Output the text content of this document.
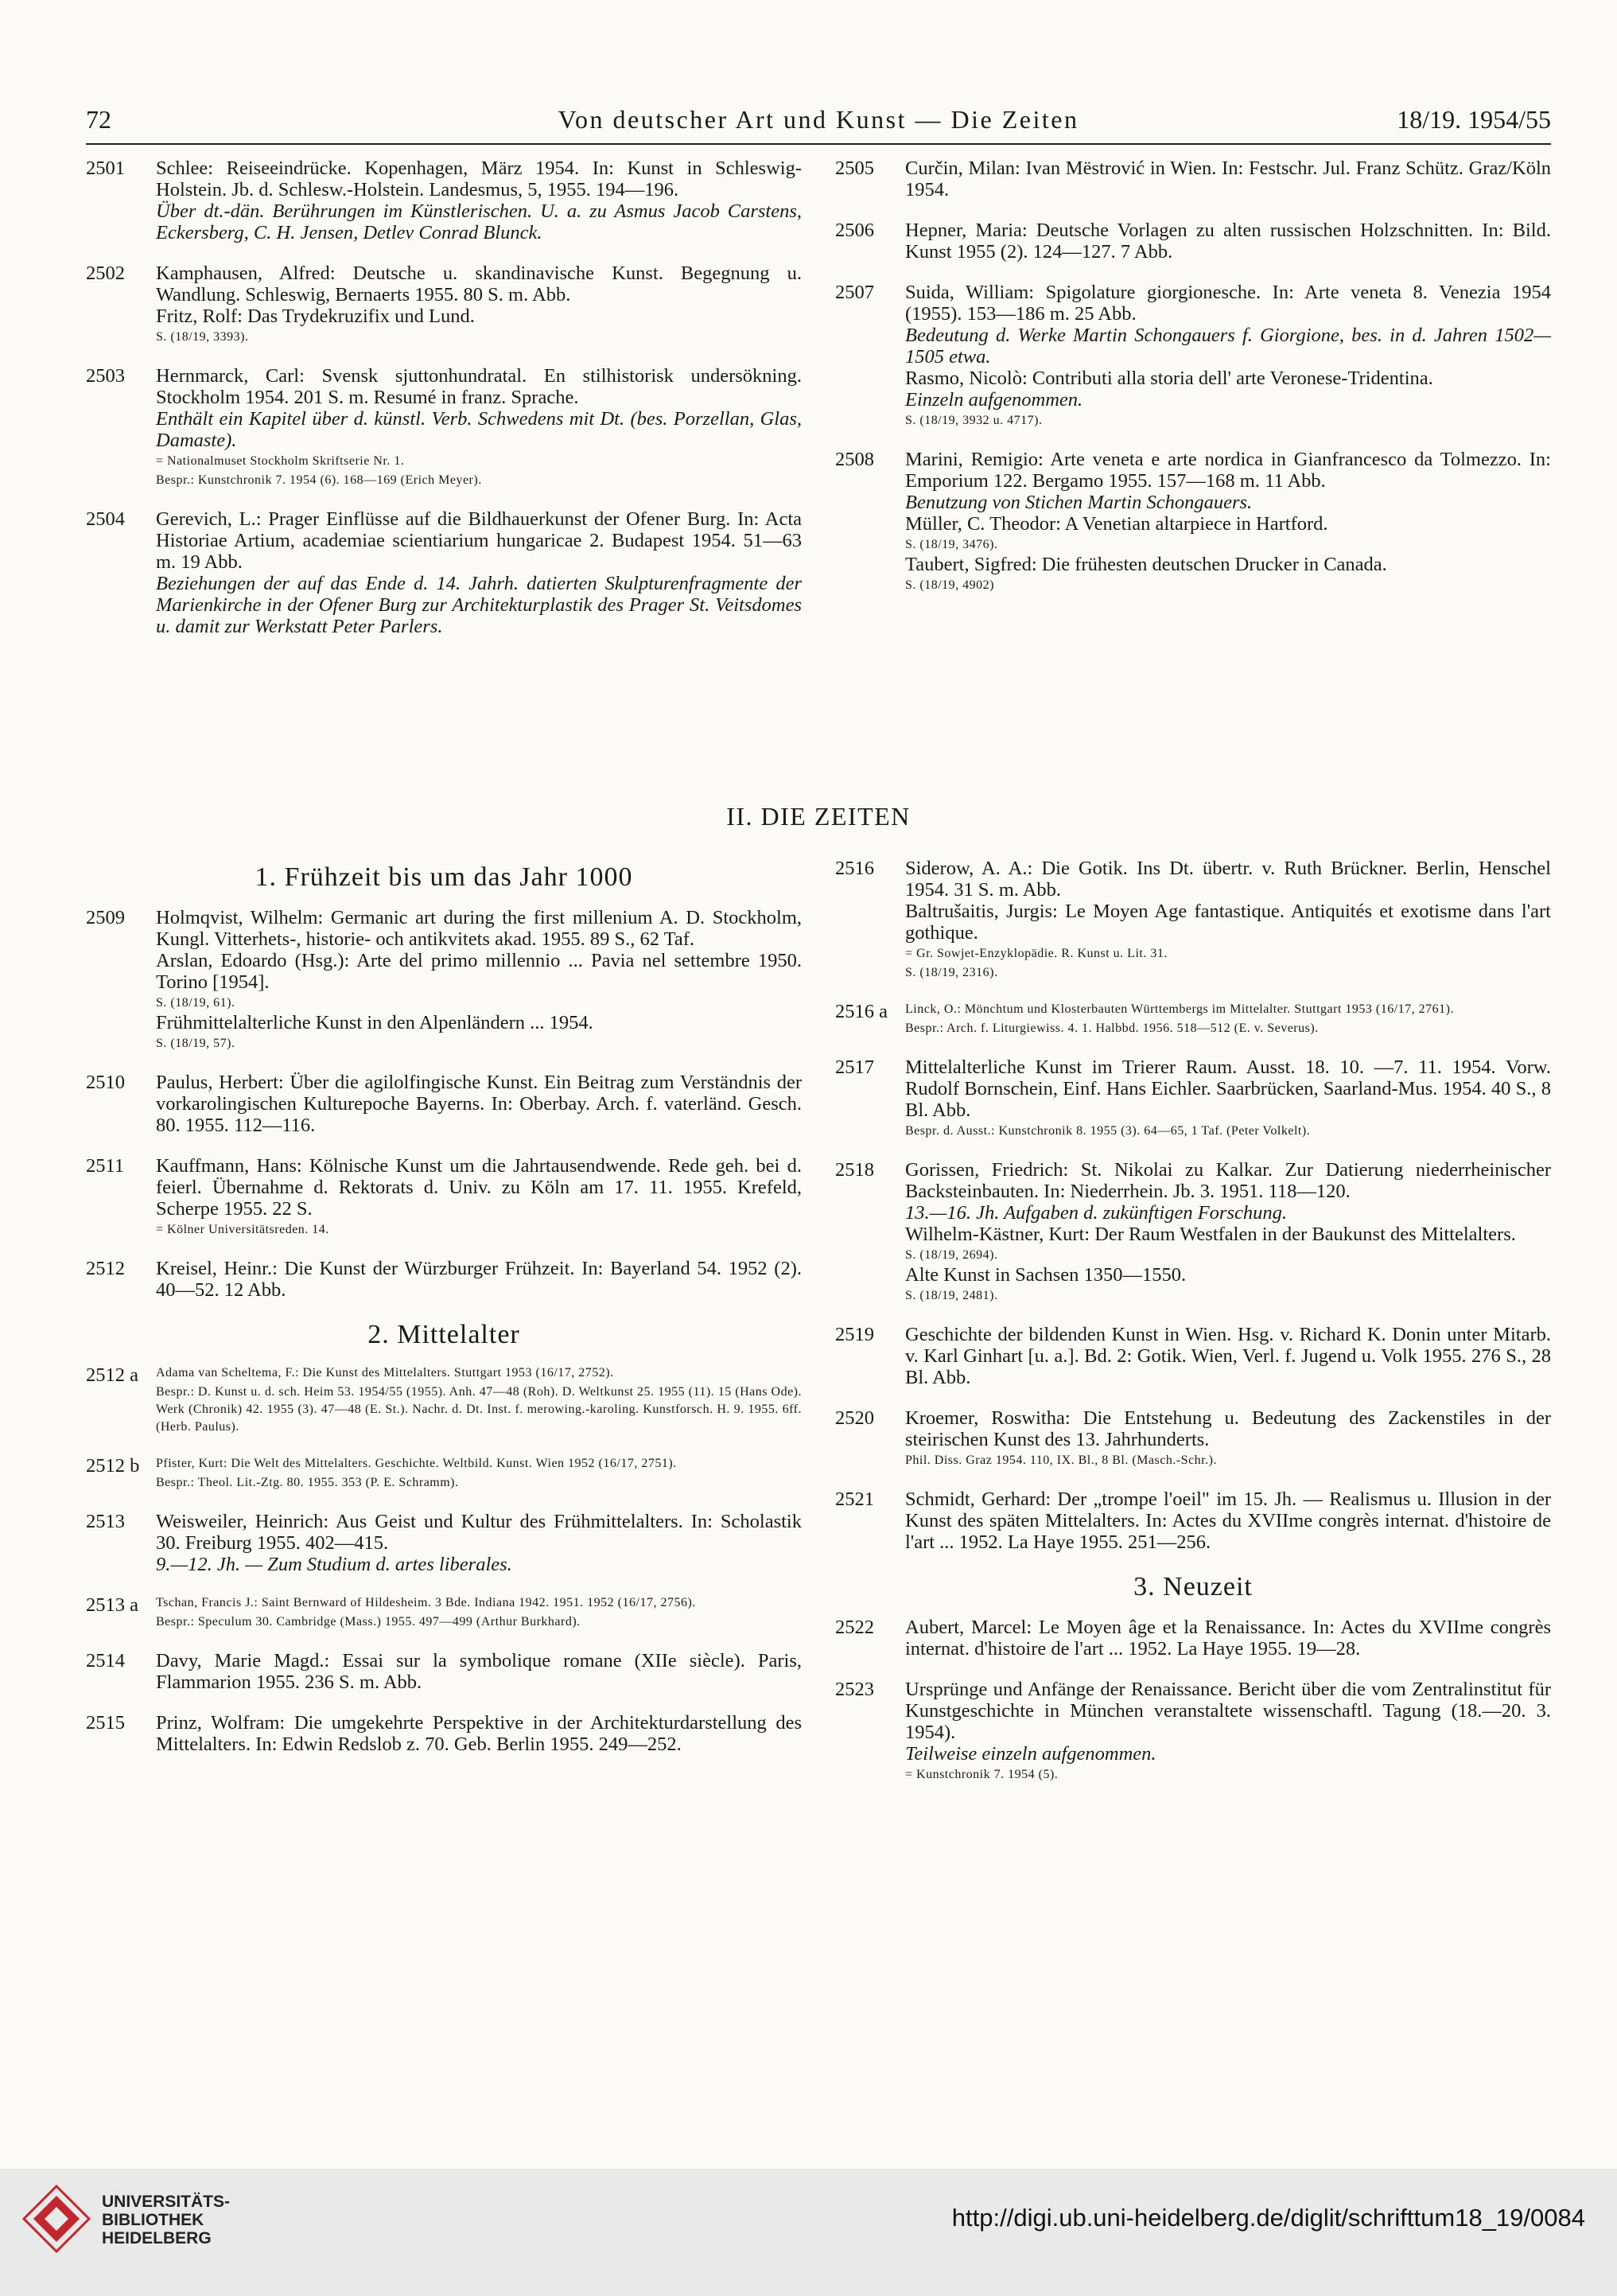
72	Von deutscher Art und Kunst — Die Zeiten	18/19. 1954/55
2501	Schlee: Reiseeindrücke. Kopenhagen, März 1954. In: Kunst in Schleswig-Holstein. Jb. d. Schlesw.-Holstein. Landesmus, 5, 1955. 194—196.
Über dt.-dän. Berührungen im Künstlerischen. U. a. zu Asmus Jacob Carstens, Eckersberg, C. H. Jensen, Detlev Conrad Blunck.
2502	Kamphausen, Alfred: Deutsche u. skandinavische Kunst. Begegnung u. Wandlung. Schleswig, Bernaerts 1955. 80 S. m. Abb.
Fritz, Rolf: Das Trydekruzifix und Lund.
S. (18/19, 3393).
2503	Hernmarck, Carl: Svensk sjuttonhundratal. En stilhistorisk undersökning. Stockholm 1954. 201 S. m. Resumé in franz. Sprache.
Enthält ein Kapitel über d. künstl. Verb. Schwedens mit Dt. (bes. Porzellan, Glas, Damaste).
= Nationalmuset Stockholm Skriftserie Nr. 1.
Bespr.: Kunstchronik 7. 1954 (6). 168—169 (Erich Meyer).
2504	Gerevich, L.: Prager Einflüsse auf die Bildhauerkunst der Ofener Burg. In: Acta Historiae Artium, academiae scientiarium hungaricae 2. Budapest 1954. 51—63 m. 19 Abb.
Beziehungen der auf das Ende d. 14. Jahrh. datierten Skulpturenfragmente der Marienkirche in der Ofener Burg zur Architekturplastik des Prager St. Veitsdomes u. damit zur Werkstatt Peter Parlers.
2505	Curčin, Milan: Ivan Mëstrović in Wien. In: Festschr. Jul. Franz Schütz. Graz/Köln 1954.
2506	Hepner, Maria: Deutsche Vorlagen zu alten russischen Holzschnitten. In: Bild. Kunst 1955 (2). 124—127. 7 Abb.
2507	Suida, William: Spigolature giorgionesche. In: Arte veneta 8. Venezia 1954 (1955). 153—186 m. 25 Abb.
Bedeutung d. Werke Martin Schongauers f. Giorgione, bes. in d. Jahren 1502—1505 etwa.
Rasmo, Nicolò: Contributi alla storia dell' arte Veronese-Tridentina.
Einzeln aufgenommen.
S. (18/19, 3932 u. 4717).
2508	Marini, Remigio: Arte veneta e arte nordica in Gianfrancesco da Tolmezzo. In: Emporium 122. Bergamo 1955. 157—168 m. 11 Abb.
Benutzung von Stichen Martin Schongauers.
Müller, C. Theodor: A Venetian altarpiece in Hartford.
S. (18/19, 3476).
Taubert, Sigfred: Die frühesten deutschen Drucker in Canada.
S. (18/19, 4902)
II. DIE ZEITEN
1. Frühzeit bis um das Jahr 1000
2509	Holmqvist, Wilhelm: Germanic art during the first millenium A. D. Stockholm, Kungl. Vitterhets-, historie- och antikvitets akad. 1955. 89 S., 62 Taf.
Arslan, Edoardo (Hsg.): Arte del primo millennio ... Pavia nel settembre 1950. Torino [1954].
S. (18/19, 61).
Frühmittelalterliche Kunst in den Alpenländern ... 1954.
S. (18/19, 57).
2510	Paulus, Herbert: Über die agilolfingische Kunst. Ein Beitrag zum Verständnis der vorkarolingischen Kulturepoche Bayerns. In: Oberbay. Arch. f. vaterländ. Gesch. 80. 1955. 112—116.
2511	Kauffmann, Hans: Kölnische Kunst um die Jahrtausendwende. Rede geh. bei d. feierl. Übernahme d. Rektorats d. Univ. zu Köln am 17. 11. 1955. Krefeld, Scherpe 1955. 22 S.
= Kölner Universitätsreden. 14.
2512	Kreisel, Heinr.: Die Kunst der Würzburger Frühzeit. In: Bayerland 54. 1952 (2). 40—52. 12 Abb.
2. Mittelalter
2512 a	Adama van Scheltema, F.: Die Kunst des Mittelalters. Stuttgart 1953 (16/17, 2752).
Bespr.: D. Kunst u. d. sch. Heim 53. 1954/55 (1955). Anh. 47—48 (Roh). D. Weltkunst 25. 1955 (11). 15 (Hans Ode). Werk (Chronik) 42. 1955 (3). 47—48 (E. St.). Nachr. d. Dt. Inst. f. merowing.-karoling. Kunstforsch. H. 9. 1955. 6ff. (Herb. Paulus).
2512 b	Pfister, Kurt: Die Welt des Mittelalters. Geschichte. Weltbild. Kunst. Wien 1952 (16/17, 2751).
Bespr.: Theol. Lit.-Ztg. 80. 1955. 353 (P. E. Schramm).
2513	Weisweiler, Heinrich: Aus Geist und Kultur des Frühmittelalters. In: Scholastik 30. Freiburg 1955. 402—415.
9.—12. Jh. — Zum Studium d. artes liberales.
2513 a	Tschan, Francis J.: Saint Bernward of Hildesheim. 3 Bde. Indiana 1942. 1951. 1952 (16/17, 2756).
Bespr.: Speculum 30. Cambridge (Mass.) 1955. 497—499 (Arthur Burkhard).
2514	Davy, Marie Magd.: Essai sur la symbolique romane (XIIe siècle). Paris, Flammarion 1955. 236 S. m. Abb.
2515	Prinz, Wolfram: Die umgekehrte Perspektive in der Architekturdarstellung des Mittelalters. In: Edwin Redslob z. 70. Geb. Berlin 1955. 249—252.
2516	Siderow, A. A.: Die Gotik. Ins Dt. übertr. v. Ruth Brückner. Berlin, Henschel 1954. 31 S. m. Abb.
Baltrušaitis, Jurgis: Le Moyen Age fantastique. Antiquités et exotisme dans l'art gothique.
= Gr. Sowjet-Enzyklopädie. R. Kunst u. Lit. 31.
S. (18/19, 2316).
2516 a	Linck, O.: Mönchtum und Klosterbauten Württembergs im Mittelalter. Stuttgart 1953 (16/17, 2761).
Bespr.: Arch. f. Liturgiewiss. 4. 1. Halbbd. 1956. 518—512 (E. v. Severus).
2517	Mittelalterliche Kunst im Trierer Raum. Ausst. 18. 10. —7. 11. 1954. Vorw. Rudolf Bornschein, Einf. Hans Eichler. Saarbrücken, Saarland-Mus. 1954. 40 S., 8 Bl. Abb.
Bespr. d. Ausst.: Kunstchronik 8. 1955 (3). 64—65, 1 Taf. (Peter Volkelt).
2518	Gorissen, Friedrich: St. Nikolai zu Kalkar. Zur Datierung niederrheinischer Backsteinbauten. In: Niederrhein. Jb. 3. 1951. 118—120.
13.—16. Jh. Aufgaben d. zukünftigen Forschung.
Wilhelm-Kästner, Kurt: Der Raum Westfalen in der Baukunst des Mittelalters.
S. (18/19, 2694).
Alte Kunst in Sachsen 1350—1550.
S. (18/19, 2481).
2519	Geschichte der bildenden Kunst in Wien. Hsg. v. Richard K. Donin unter Mitarb. v. Karl Ginhart [u. a.]. Bd. 2: Gotik. Wien, Verl. f. Jugend u. Volk 1955. 276 S., 28 Bl. Abb.
2520	Kroemer, Roswitha: Die Entstehung u. Bedeutung des Zackenstiles in der steirischen Kunst des 13. Jahrhunderts.
Phil. Diss. Graz 1954. 110, IX. Bl., 8 Bl. (Masch.-Schr.).
2521	Schmidt, Gerhard: Der „trompe l'oeil" im 15. Jh. — Realismus u. Illusion in der Kunst des späten Mittelalters. In: Actes du XVIIme congrès internat. d'histoire de l'art ... 1952. La Haye 1955. 251—256.
3. Neuzeit
2522	Aubert, Marcel: Le Moyen âge et la Renaissance. In: Actes du XVIIme congrès internat. d'histoire de l'art ... 1952. La Haye 1955. 19—28.
2523	Ursprünge und Anfänge der Renaissance. Bericht über die vom Zentralinstitut für Kunstgeschichte in München veranstaltete wissenschaftl. Tagung (18.—20. 3. 1954).
Teilweise einzeln aufgenommen.
= Kunstchronik 7. 1954 (5).
UNIVERSITÄTS-
BIBLIOTHEK
HEIDELBERG
http://digi.ub.uni-heidelberg.de/diglit/schrifttum18_19/0084
